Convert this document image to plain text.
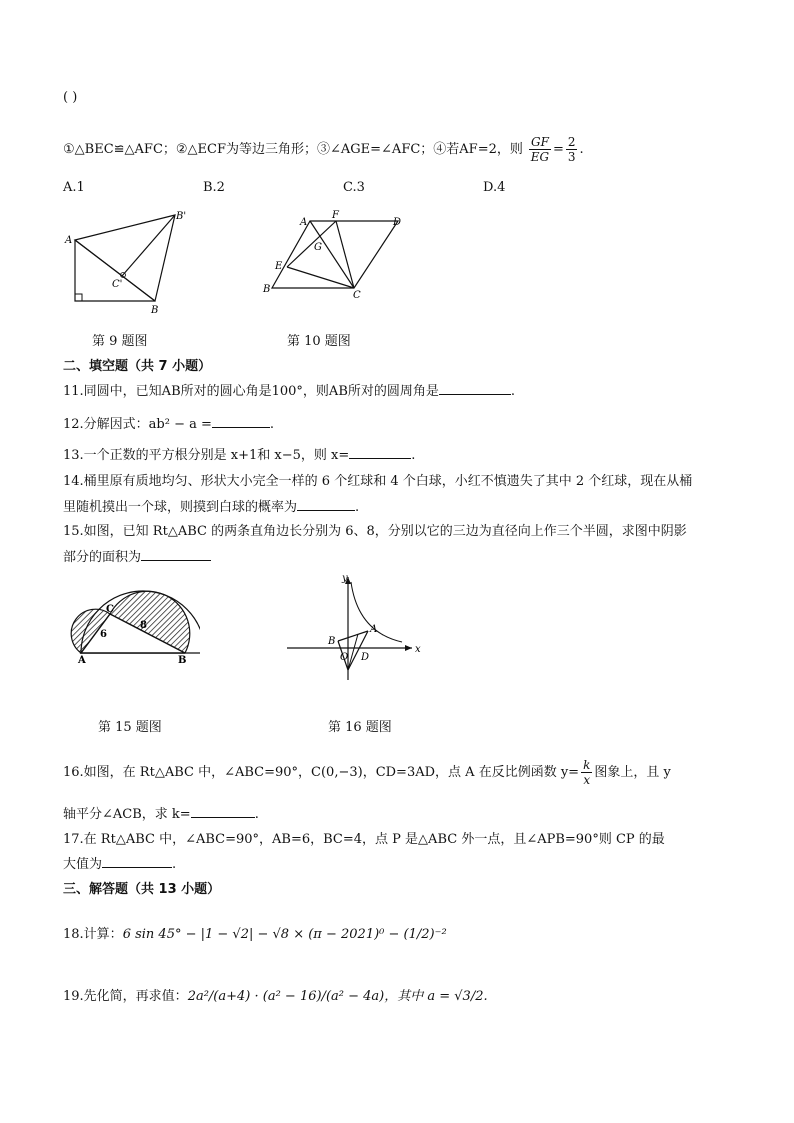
( )
①△BEC≌△AFC；②△ECF为等边三角形；③∠AGE=∠AFC；④若AF=2，则 $\frac{GF}{EG} = \frac{2}{3}$ .
A.1	B.2	C.3	D.4
A
B
B'
C'
A
F
D
G
E
B
C
第 9 题图	第 10 题图
二、填空题（共 7 小题）
11.同圆中，已知AB所对的圆心角是100°，则AB所对的圆周角是	.
12.分解因式：ab² − a =	.
13.一个正数的平方根分别是 x+1和 x−5，则 x=	.
14.桶里原有质地均匀、形状大小完全一样的 6 个红球和 4 个白球，小红不慎遗失了其中 2 个红球，现在从桶
里随机摸出一个球，则摸到白球的概率为	.
15.如图，已知 Rt△ABC 的两条直角边长分别为 6、8，分别以它的三边为直径向上作三个半圆，求图中阴影
部分的面积为
A	B
C
6
8
y
x
A
B
O D
第 15 题图	第 16 题图
16.如图，在 Rt△ABC 中，∠ABC=90°，C(0,−3)，CD=3AD，点 A 在反比例函数 $y= \frac{k}{x}$ 图象上，且 y
轴平分∠ACB，求 k=	.
17.在 Rt△ABC 中，∠ABC=90°，AB=6，BC=4，点 P 是△ABC 外一点，且∠APB=90°则 CP 的最
大值为	.
三、解答题（共 13 小题）
18.计算：6 sin 45° − |1 − √2| − √8 × (π − 2021)⁰ − (1/2)⁻²
19.先化简，再求值：2a²/(a+4) · (a² − 16)/(a² − 4a)，其中 a = √3/2.
